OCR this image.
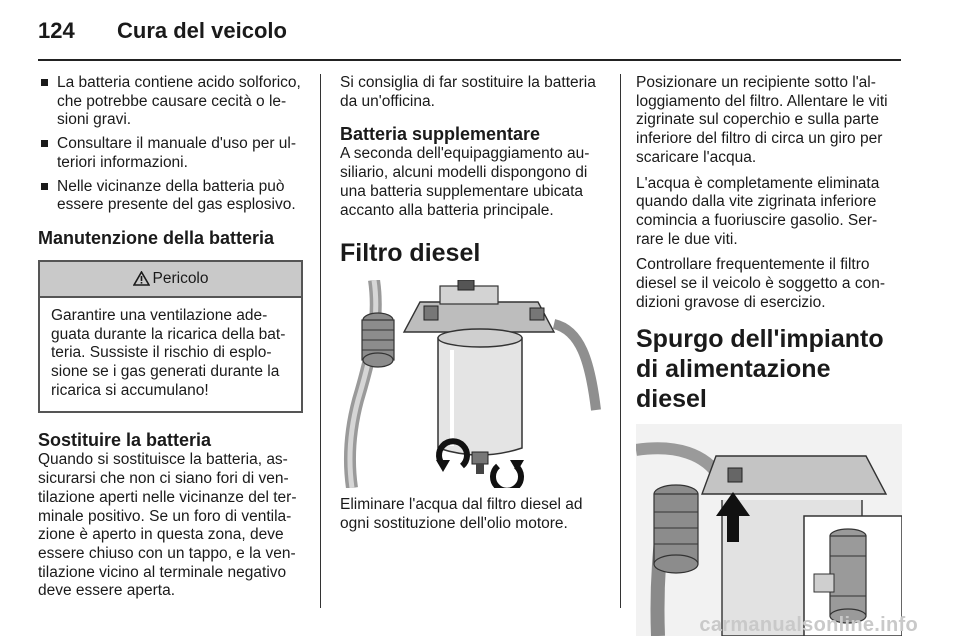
124 Cura del veicolo
La batteria contiene acido solforico, che potrebbe causare cecità o le-sioni gravi.
Consultare il manuale d'uso per ul-teriori informazioni.
Nelle vicinanze della batteria può essere presente del gas esplosivo.
Manutenzione della batteria
Pericolo
Garantire una ventilazione ade-guata durante la ricarica della bat-teria. Sussiste il rischio di esplo-sione se i gas generati durante la ricarica si accumulano!
Sostituire la batteria

Quando si sostituisce la batteria, as-sicurarsi che non ci siano fori di ven-tilazione aperti nelle vicinanze del ter-minale positivo. Se un foro di ventila-zione è aperto in questa zona, deve essere chiuso con un tappo, e la ven-tilazione vicino al terminale negativo deve essere aperta.

Si consiglia di far sostituire la batteria da un'officina.

Batteria supplementare

A seconda dell'equipaggiamento au-siliario, alcuni modelli dispongono di una batteria supplementare ubicata accanto alla batteria principale.

Filtro diesel

Eliminare l'acqua dal filtro diesel ad ogni sostituzione dell'olio motore.

Posizionare un recipiente sotto l'al-loggiamento del filtro. Allentare le viti zigrinate sul coperchio e sulla parte inferiore del filtro di circa un giro per scaricare l'acqua.

L'acqua è completamente eliminata quando dalla vite zigrinata inferiore comincia a fuoriuscire gasolio. Ser-rare le due viti.

Controllare frequentemente il filtro diesel se il veicolo è soggetto a con-dizioni gravose di esercizio.

Spurgo dell'impianto di alimentazione diesel
carmanualsonline.info
